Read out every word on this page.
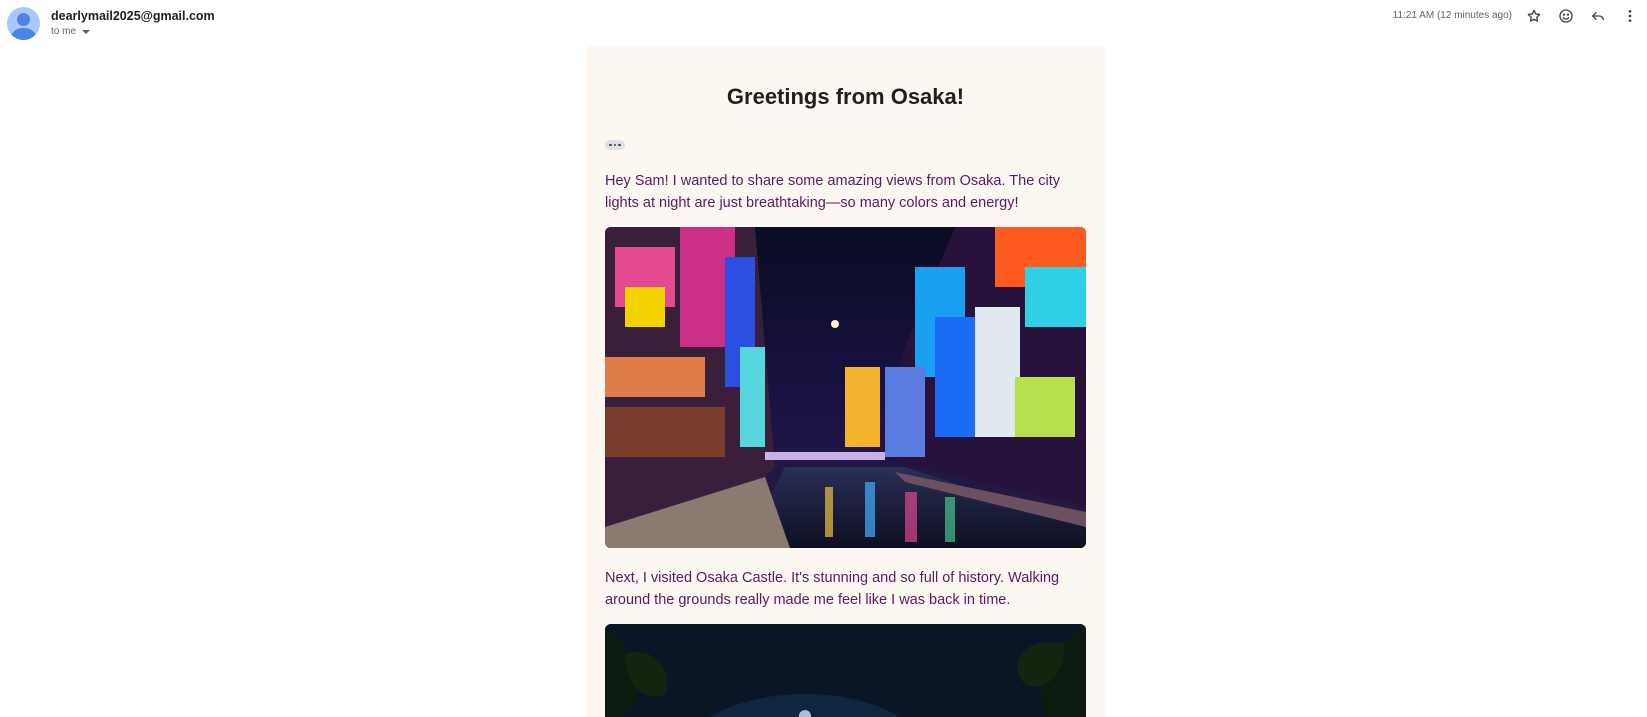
dearlymail2025@gmail.com
to me
11:21 AM (12 minutes ago)
Greetings from Osaka!
Hey Sam! I wanted to share some amazing views from Osaka. The city lights at night are just breathtaking—so many colors and energy!
Next, I visited Osaka Castle. It's stunning and so full of history. Walking around the grounds really made me feel like I was back in time.
